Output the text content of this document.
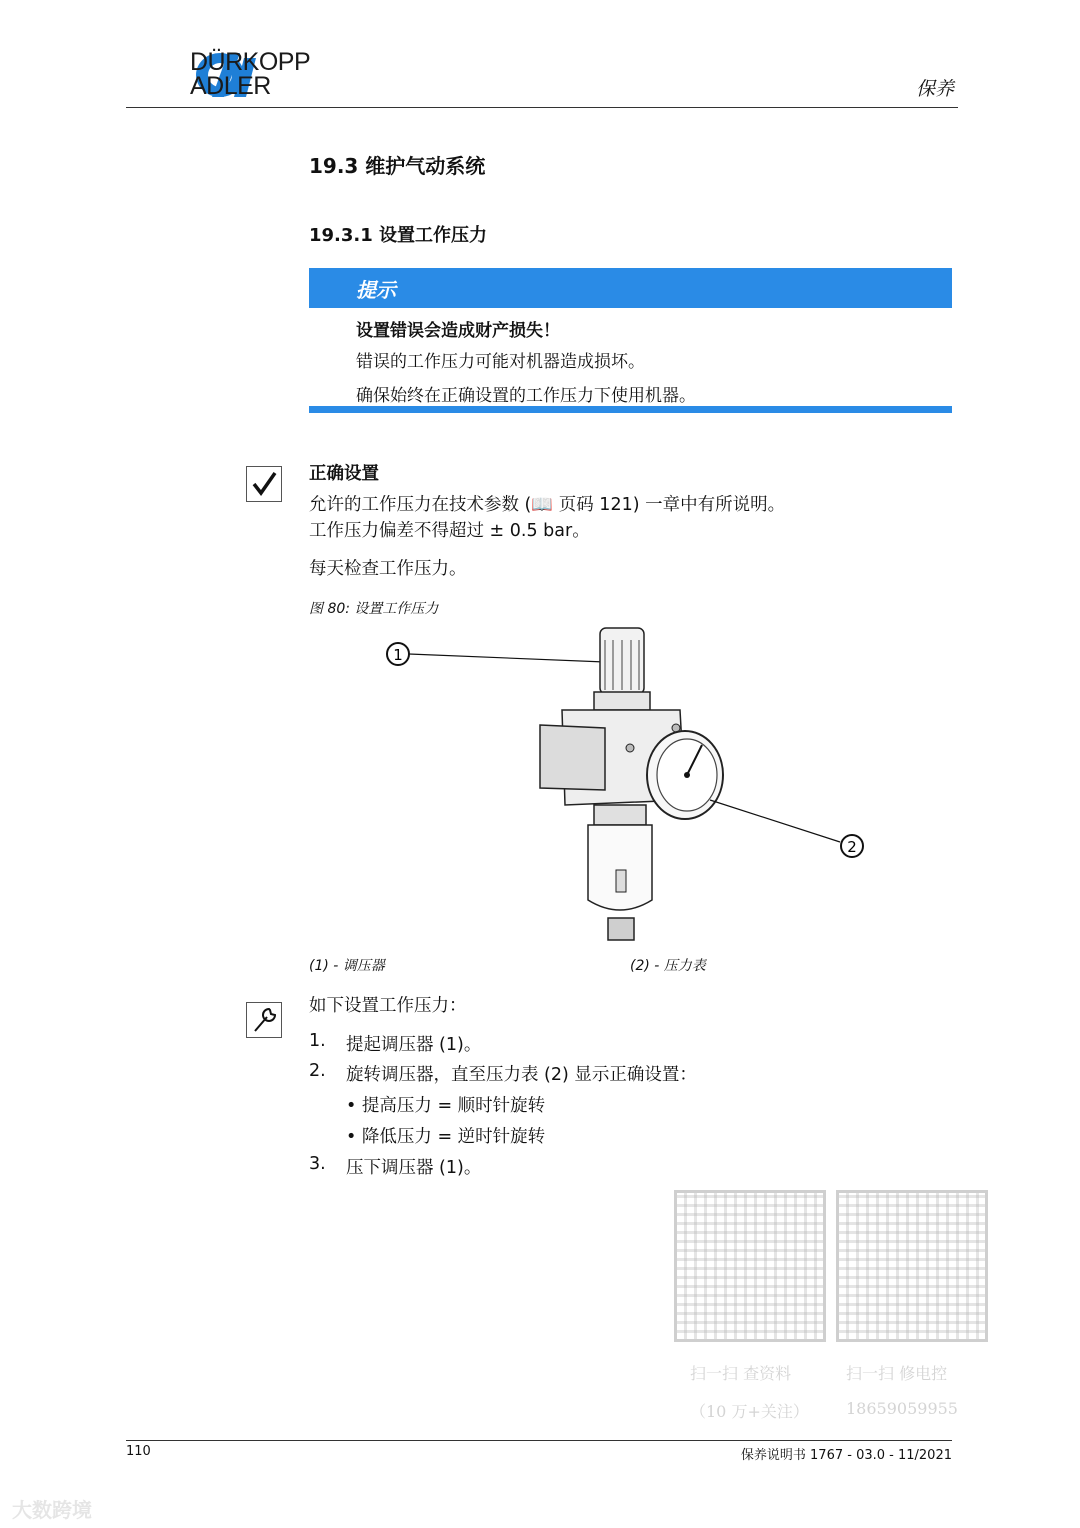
DÜRKOPP
ADLER	保养
19.3 维护气动系统
19.3.1 设置工作压力
提示
设置错误会造成财产损失！
错误的工作压力可能对机器造成损坏。
确保始终在正确设置的工作压力下使用机器。
正确设置
允许的工作压力在技术参数 (📖 页码 121) 一章中有所说明。
工作压力偏差不得超过 ± 0.5 bar。
每天检查工作压力。
图 80: 设置工作压力
1
2
(1) - 调压器	(2) - 压力表
如下设置工作压力：
1. 提起调压器 (1)。
2. 旋转调压器，直至压力表 (2) 显示正确设置：
• 提高压力 = 顺时针旋转
• 降低压力 = 逆时针旋转
3. 压下调压器 (1)。
扫一扫 查资料
（10 万+关注）
扫一扫 修电控
18659059955
110	保养说明书 1767 - 03.0 - 11/2021
大数跨境
